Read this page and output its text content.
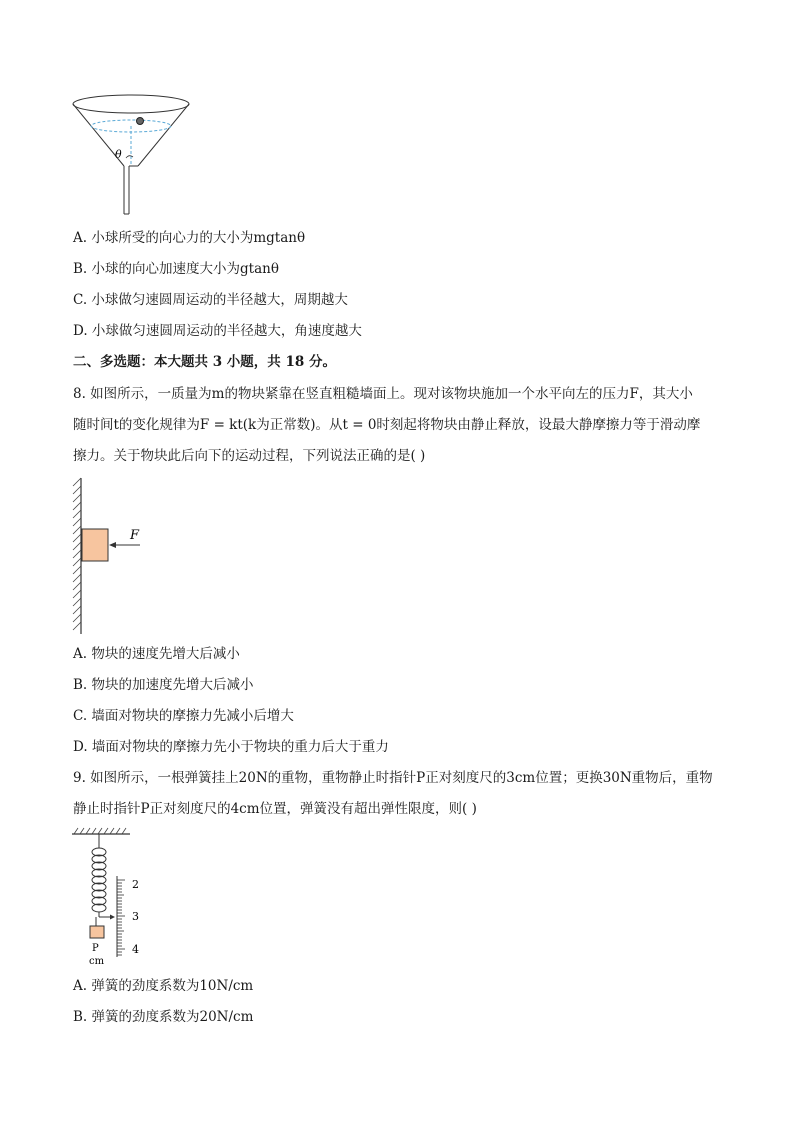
θ
A. 小球所受的向心力的大小为mgtanθ
B. 小球的向心加速度大小为gtanθ
C. 小球做匀速圆周运动的半径越大，周期越大
D. 小球做匀速圆周运动的半径越大，角速度越大
二、多选题：本大题共 3 小题，共 18 分。
8. 如图所示，一质量为m的物块紧靠在竖直粗糙墙面上。现对该物块施加一个水平向左的压力F，其大小
随时间t的变化规律为F = kt(k为正常数)。从t = 0时刻起将物块由静止释放，设最大静摩擦力等于滑动摩
擦力。关于物块此后向下的运动过程，下列说法正确的是( )
F
A. 物块的速度先增大后减小
B. 物块的加速度先增大后减小
C. 墙面对物块的摩擦力先减小后增大
D. 墙面对物块的摩擦力先小于物块的重力后大于重力
9. 如图所示，一根弹簧挂上20N的重物，重物静止时指针P正对刻度尺的3cm位置；更换30N重物后，重物
静止时指针P正对刻度尺的4cm位置，弹簧没有超出弹性限度，则( )
2
3
4
P
cm
A. 弹簧的劲度系数为10N/cm
B. 弹簧的劲度系数为20N/cm
